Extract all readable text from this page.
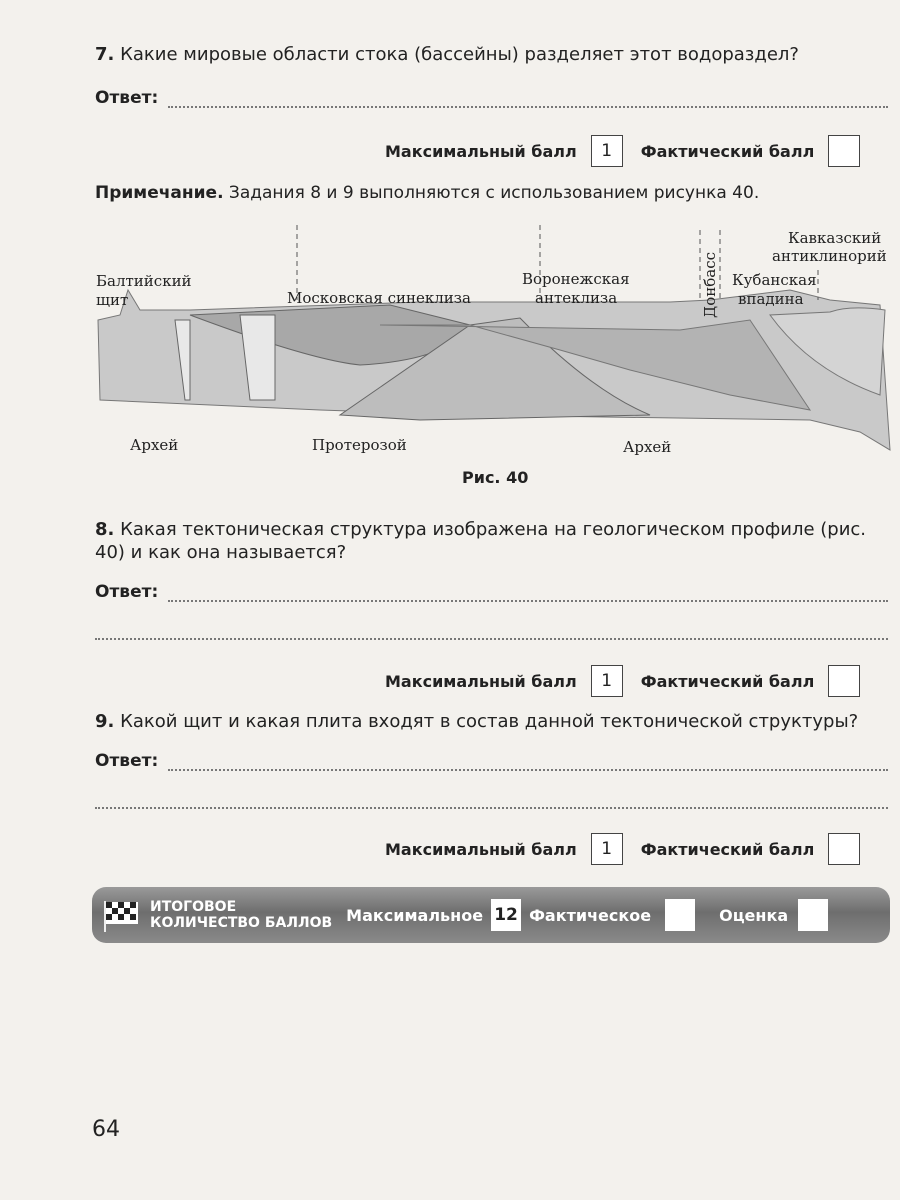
7. Какие мировые области стока (бассейны) разделяет этот водораздел?
Ответ:
Максимальный балл	1	Фактический балл
Примечание. Задания 8 и 9 выполняются с использованием рисунка 40.
Балтийский
щит	Московская синеклиза
Воронежская
антеклиза	Донбасс Кубанская
впадина
Кавказский
антиклинорий
Архей	Протерозой	Архей
Рис. 40
8. Какая тектоническая структура изображена на геологическом профиле (рис. 40) и как она называется?
Ответ:
Максимальный балл	1	Фактический балл
9. Какой щит и какая плита входят в состав данной тектонической структуры?
Ответ:
Максимальный балл	1	Фактический балл
ИТОГОВОЕ
КОЛИЧЕСТВО БАЛЛОВ Максимальное 12 Фактическое	Оценка
64
